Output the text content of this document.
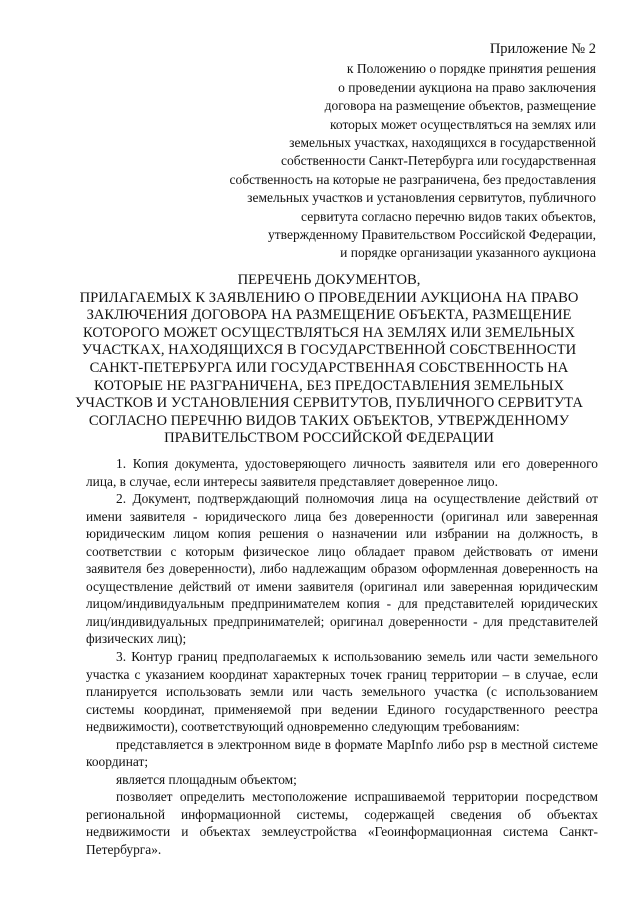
Приложение № 2
к Положению о порядке принятия решения
о проведении аукциона на право заключения
договора на размещение объектов, размещение
которых может осуществляться на землях или
земельных участках, находящихся в государственной
собственности Санкт-Петербурга или государственная
собственность на которые не разграничена, без предоставления
земельных участков и установления сервитутов, публичного
сервитута согласно перечню видов таких объектов,
утвержденному Правительством Российской Федерации,
и порядке организации указанного аукциона
ПЕРЕЧЕНЬ ДОКУМЕНТОВ,
ПРИЛАГАЕМЫХ К ЗАЯВЛЕНИЮ О ПРОВЕДЕНИИ АУКЦИОНА НА ПРАВО
ЗАКЛЮЧЕНИЯ ДОГОВОРА НА РАЗМЕЩЕНИЕ ОБЪЕКТА, РАЗМЕЩЕНИЕ
КОТОРОГО МОЖЕТ ОСУЩЕСТВЛЯТЬСЯ НА ЗЕМЛЯХ ИЛИ ЗЕМЕЛЬНЫХ
УЧАСТКАХ, НАХОДЯЩИХСЯ В ГОСУДАРСТВЕННОЙ СОБСТВЕННОСТИ
САНКТ-ПЕТЕРБУРГА ИЛИ ГОСУДАРСТВЕННАЯ СОБСТВЕННОСТЬ НА
КОТОРЫЕ НЕ РАЗГРАНИЧЕНА, БЕЗ ПРЕДОСТАВЛЕНИЯ ЗЕМЕЛЬНЫХ
УЧАСТКОВ И УСТАНОВЛЕНИЯ СЕРВИТУТОВ, ПУБЛИЧНОГО СЕРВИТУТА
СОГЛАСНО ПЕРЕЧНЮ ВИДОВ ТАКИХ ОБЪЕКТОВ, УТВЕРЖДЕННОМУ
ПРАВИТЕЛЬСТВОМ РОССИЙСКОЙ ФЕДЕРАЦИИ

1. Копия документа, удостоверяющего личность заявителя или его доверенного лица, в случае, если интересы заявителя представляет доверенное лицо.

2. Документ, подтверждающий полномочия лица на осуществление действий от имени заявителя - юридического лица без доверенности (оригинал или заверенная юридическим лицом копия решения о назначении или избрании на должность, в соответствии с которым физическое лицо обладает правом действовать от имени заявителя без доверенности), либо надлежащим образом оформленная доверенность на осуществление действий от имени заявителя (оригинал или заверенная юридическим лицом/индивидуальным предпринимателем копия - для представителей юридических лиц/индивидуальных предпринимателей; оригинал доверенности - для представителей физических лиц);

3. Контур границ предполагаемых к использованию земель или части земельного участка с указанием координат характерных точек границ территории – в случае, если планируется использовать земли или часть земельного участка (с использованием системы координат, применяемой при ведении Единого государственного реестра недвижимости), соответствующий одновременно следующим требованиям:

представляется в электронном виде в формате MapInfo либо psp в местной системе координат;

является площадным объектом;

позволяет определить местоположение испрашиваемой территории посредством региональной информационной системы, содержащей сведения об объектах недвижимости и объектах землеустройства «Геоинформационная система Санкт-Петербурга».
